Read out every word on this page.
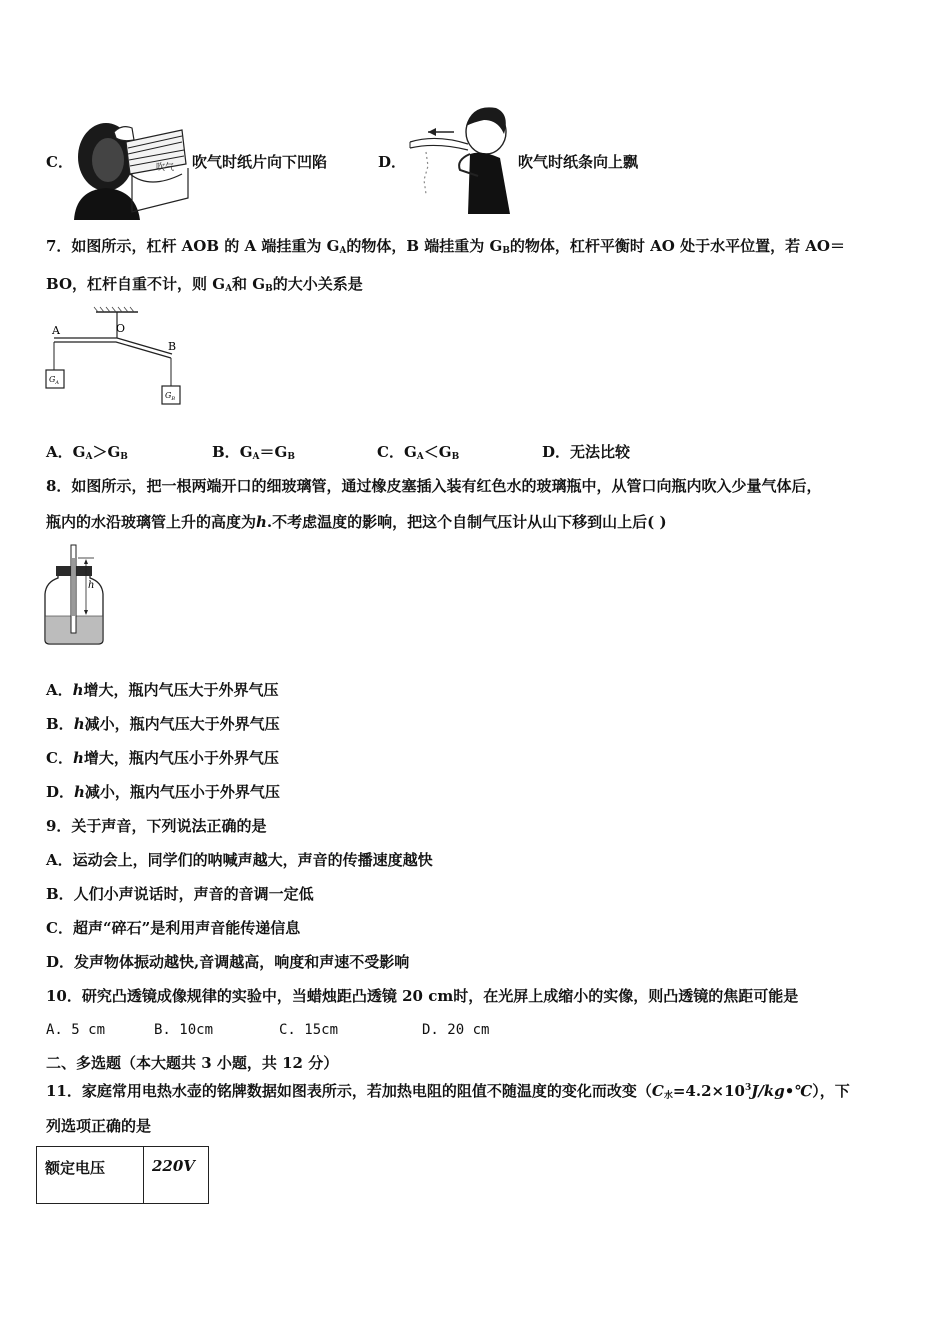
C．	吹气 吹气时纸片向下凹陷	D．	吹气时纸条向上飘
7．如图所示，杠杆 AOB 的 A 端挂重为 $G_A$的物体，B 端挂重为 $G_B$的物体，杠杆平衡时 AO 处于水平位置，若 AO＝
BO，杠杆自重不计，则 $G_A$和 $G_B$的大小关系是
$G_A$
$G_B$
A	O
B
A．$G_A>G_B$	B．$G_A=G_B$	C．$G_A<G_B$	D．无法比较
8．如图所示，把一根两端开口的细玻璃管，通过橡皮塞插入装有红色水的玻璃瓶中，从管口向瓶内吹入少量气体后，
瓶内的水沿玻璃管上升的高度为h.不考虑温度的影响，把这个自制气压计从山下移到山上后( )
h
A．h增大，瓶内气压大于外界气压
B．h减小，瓶内气压大于外界气压
C．h增大，瓶内气压小于外界气压
D．h减小，瓶内气压小于外界气压
9．关于声音，下列说法正确的是
A．运动会上，同学们的呐喊声越大，声音的传播速度越快
B．人们小声说话时，声音的音调一定低
C．超声“碎石”是利用声音能传递信息
D．发声物体振动越快,音调越高，响度和声速不受影响
10．研究凸透镜成像规律的实验中，当蜡烛距凸透镜 20 cm时，在光屏上成缩小的实像，则凸透镜的焦距可能是
A. 5 cm	B. 10cm	C. 15cm	D. 20 cm
二、多选题（本大题共 3 小题，共 12 分）
11．家庭常用电热水壶的铭牌数据如图表所示，若加热电阻的阻值不随温度的变化而改变$(C_水=4.2\times 10^3J/kg•℃)$，下
列选项正确的是
额定电压	220V
